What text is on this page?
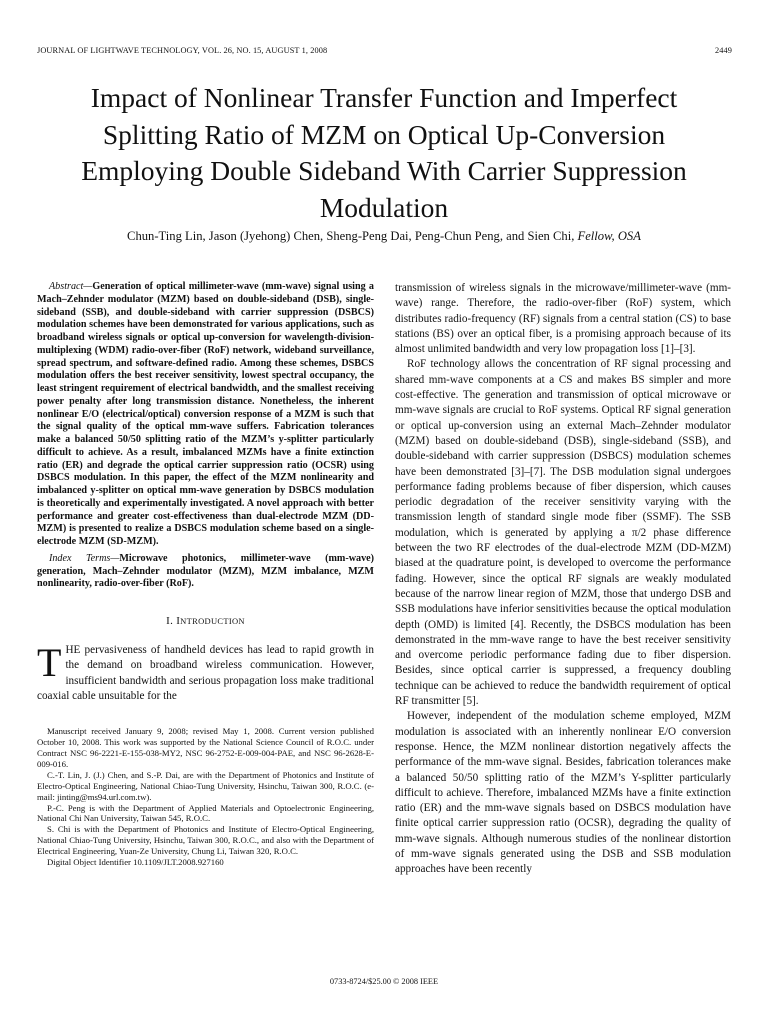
JOURNAL OF LIGHTWAVE TECHNOLOGY, VOL. 26, NO. 15, AUGUST 1, 2008	2449
Impact of Nonlinear Transfer Function and Imperfect Splitting Ratio of MZM on Optical Up-Conversion Employing Double Sideband With Carrier Suppression Modulation
Chun-Ting Lin, Jason (Jyehong) Chen, Sheng-Peng Dai, Peng-Chun Peng, and Sien Chi, Fellow, OSA

Abstract—Generation of optical millimeter-wave (mm-wave) signal using a Mach–Zehnder modulator (MZM) based on double-sideband (DSB), single-sideband (SSB), and double-sideband with carrier suppression (DSBCS) modulation schemes have been demonstrated for various applications, such as broadband wireless signals or optical up-conversion for wavelength-division-multiplexing (WDM) radio-over-fiber (RoF) network, wideband surveillance, spread spectrum, and software-defined radio. Among these schemes, DSBCS modulation offers the best receiver sensitivity, lowest spectral occupancy, the least stringent requirement of electrical bandwidth, and the smallest receiving power penalty after long transmission distance. Nonetheless, the inherent nonlinear E/O (electrical/optical) conversion response of a MZM is such that the signal quality of the optical mm-wave suffers. Fabrication tolerances make a balanced 50/50 splitting ratio of the MZM’s y-splitter particularly difficult to achieve. As a result, imbalanced MZMs have a finite extinction ratio (ER) and degrade the optical carrier suppression ratio (OCSR) using DSBCS modulation. In this paper, the effect of the MZM nonlinearity and imbalanced y-splitter on optical mm-wave generation by DSBCS modulation is theoretically and experimentally investigated. A novel approach with better performance and greater cost-effectiveness than dual-electrode MZM (DD-MZM) is presented to realize a DSBCS modulation scheme based on a single-electrode MZM (SD-MZM).

Index Terms—Microwave photonics, millimeter-wave (mm-wave) generation, Mach–Zehnder modulator (MZM), MZM imbalance, MZM nonlinearity, radio-over-fiber (RoF).

I. INTRODUCTION

THE pervasiveness of handheld devices has lead to rapid growth in the demand on broadband wireless communication. However, insufficient bandwidth and serious propagation loss make traditional coaxial cable unsuitable for the

Manuscript received January 9, 2008; revised May 1, 2008. Current version published October 10, 2008. This work was supported by the National Science Council of R.O.C. under Contract NSC 96-2221-E-155-038-MY2, NSC 96-2752-E-009-004-PAE, and NSC 96-2628-E-009-016.

C.-T. Lin, J. (J.) Chen, and S.-P. Dai, are with the Department of Photonics and Institute of Electro-Optical Engineering, National Chiao-Tung University, Hsinchu, Taiwan 300, R.O.C. (e-mail: jinting@ms94.url.com.tw).

P.-C. Peng is with the Department of Applied Materials and Optoelectronic Engineering, National Chi Nan University, Taiwan 545, R.O.C.

S. Chi is with the Department of Photonics and Institute of Electro-Optical Engineering, National Chiao-Tung University, Hsinchu, Taiwan 300, R.O.C., and also with the Department of Electrical Engineering, Yuan-Ze University, Chung Li, Taiwan 320, R.O.C.

Digital Object Identifier 10.1109/JLT.2008.927160

transmission of wireless signals in the microwave/millimeter-wave (mm-wave) range. Therefore, the radio-over-fiber (RoF) system, which distributes radio-frequency (RF) signals from a central station (CS) to base stations (BS) over an optical fiber, is a promising approach because of its almost unlimited bandwidth and very low propagation loss [1]–[3].

RoF technology allows the concentration of RF signal processing and shared mm-wave components at a CS and makes BS simpler and more cost-effective. The generation and transmission of optical microwave or mm-wave signals are crucial to RoF systems. Optical RF signal generation or optical up-conversion using an external Mach–Zehnder modulator (MZM) based on double-sideband (DSB), single-sideband (SSB), and double-sideband with carrier suppression (DSBCS) modulation schemes have been demonstrated [3]–[7]. The DSB modulation signal undergoes performance fading problems because of fiber dispersion, which causes periodic degradation of the receiver sensitivity varying with the transmission length of standard single mode fiber (SSMF). The SSB modulation, which is generated by applying a π/2 phase difference between the two RF electrodes of the dual-electrode MZM (DD-MZM) biased at the quadrature point, is developed to overcome the performance fading. However, since the optical RF signals are weakly modulated because of the narrow linear region of MZM, those that undergo DSB and SSB modulations have inferior sensitivities because the optical modulation depth (OMD) is limited [4]. Recently, the DSBCS modulation has been demonstrated in the mm-wave range to have the best receiver sensitivity and overcome periodic performance fading due to fiber dispersion. Besides, since optical carrier is suppressed, a frequency doubling technique can be achieved to reduce the bandwidth requirement of optical RF transmitter [5].

However, independent of the modulation scheme employed, MZM modulation is associated with an inherently nonlinear E/O conversion response. Hence, the MZM nonlinear distortion negatively affects the performance of the mm-wave signal. Besides, fabrication tolerances make a balanced 50/50 splitting ratio of the MZM’s Y-splitter particularly difficult to achieve. Therefore, imbalanced MZMs have a finite extinction ratio (ER) and the mm-wave signals based on DSBCS modulation have finite optical carrier suppression ratio (OCSR), degrading the quality of mm-wave signals. Although numerous studies of the nonlinear distortion of mm-wave signals generated using the DSB and SSB modulation approaches have been recently

0733-8724/$25.00 © 2008 IEEE
